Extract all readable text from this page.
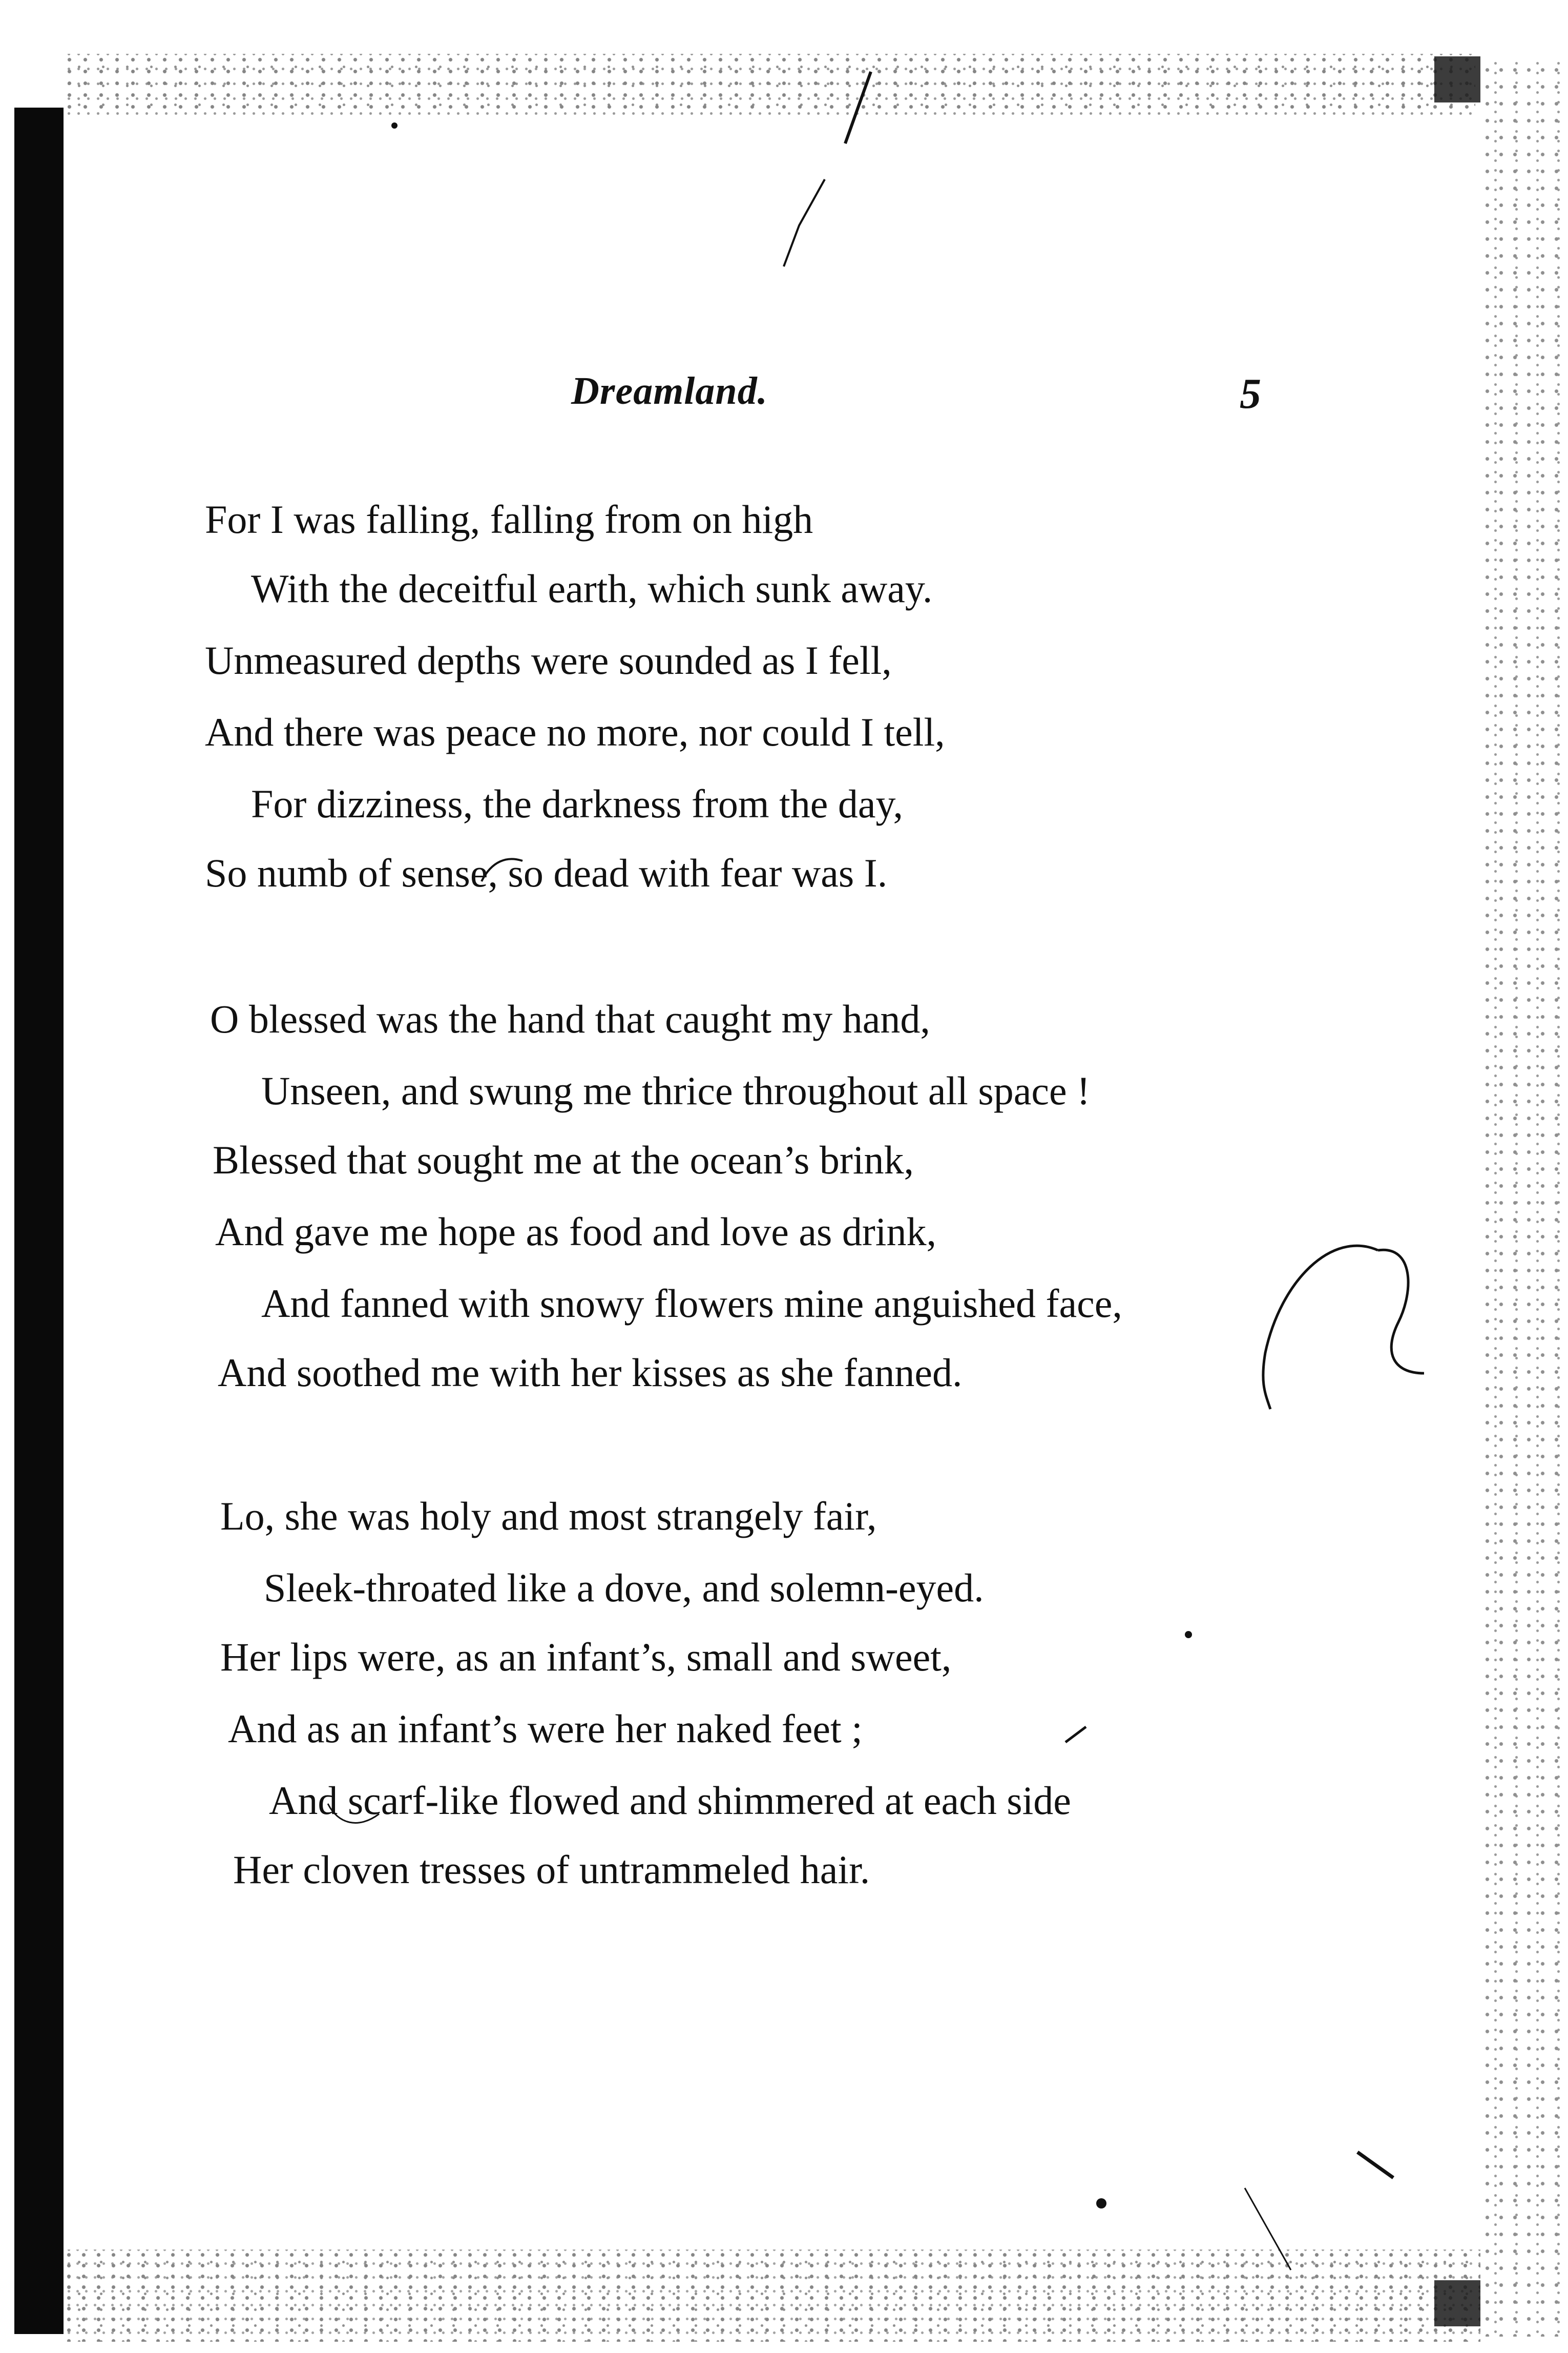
Dreamland.	5
For I was falling, falling from on high
With the deceitful earth, which sunk away.
Unmeasured depths were sounded as I fell,
And there was peace no more, nor could I tell,
For dizziness, the darkness from the day,
So numb of sense, so dead with fear was I.
O blessed was the hand that caught my hand,
Unseen, and swung me thrice throughout all space !
Blessed that sought me at the ocean’s brink,
And gave me hope as food and love as drink,
And fanned with snowy flowers mine anguished face,
And soothed me with her kisses as she fanned.
Lo, she was holy and most strangely fair,
Sleek-throated like a dove, and solemn-eyed.
Her lips were, as an infant’s, small and sweet,
And as an infant’s were her naked feet ;
And scarf-like flowed and shimmered at each side
Her cloven tresses of untrammeled hair.
